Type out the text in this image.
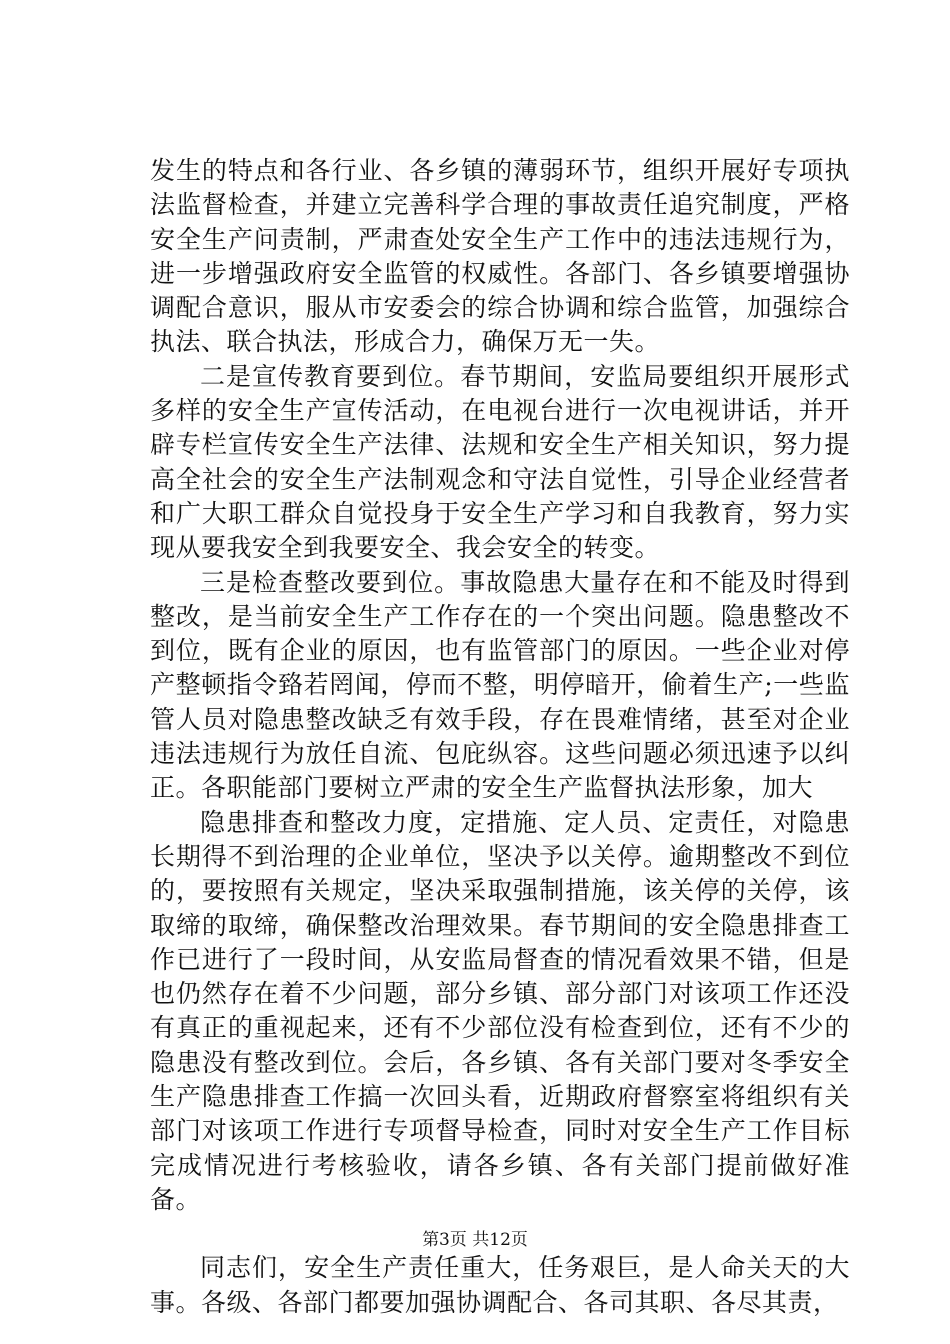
发生的特点和各行业、各乡镇的薄弱环节，组织开展好专项执法监督检查，并建立完善科学合理的事故责任追究制度，严格安全生产问责制，严肃查处安全生产工作中的违法违规行为，进一步增强政府安全监管的权威性。各部门、各乡镇要增强协调配合意识，服从市安委会的综合协调和综合监管，加强综合执法、联合执法，形成合力，确保万无一失。

二是宣传教育要到位。春节期间，安监局要组织开展形式多样的安全生产宣传活动，在电视台进行一次电视讲话，并开辟专栏宣传安全生产法律、法规和安全生产相关知识，努力提高全社会的安全生产法制观念和守法自觉性，引导企业经营者和广大职工群众自觉投身于安全生产学习和自我教育，努力实现从要我安全到我要安全、我会安全的转变。

三是检查整改要到位。事故隐患大量存在和不能及时得到整改，是当前安全生产工作存在的一个突出问题。隐患整改不到位，既有企业的原因，也有监管部门的原因。一些企业对停产整顿指令臵若罔闻，停而不整，明停暗开，偷着生产;一些监管人员对隐患整改缺乏有效手段，存在畏难情绪，甚至对企业违法违规行为放任自流、包庇纵容。这些问题必须迅速予以纠正。各职能部门要树立严肃的安全生产监督执法形象，加大

隐患排查和整改力度，定措施、定人员、定责任，对隐患长期得不到治理的企业单位，坚决予以关停。逾期整改不到位的，要按照有关规定，坚决采取强制措施，该关停的关停，该取缔的取缔，确保整改治理效果。春节期间的安全隐患排查工作已进行了一段时间，从安监局督查的情况看效果不错，但是也仍然存在着不少问题，部分乡镇、部分部门对该项工作还没有真正的重视起来，还有不少部位没有检查到位，还有不少的隐患没有整改到位。会后，各乡镇、各有关部门要对冬季安全生产隐患排查工作搞一次回头看，近期政府督察室将组织有关部门对该项工作进行专项督导检查，同时对安全生产工作目标完成情况进行考核验收，请各乡镇、各有关部门提前做好准备。

同志们，安全生产责任重大，任务艰巨，是人命关天的大事。各级、各部门都要加强协调配合、各司其职、各尽其责，

第3页 共12页
